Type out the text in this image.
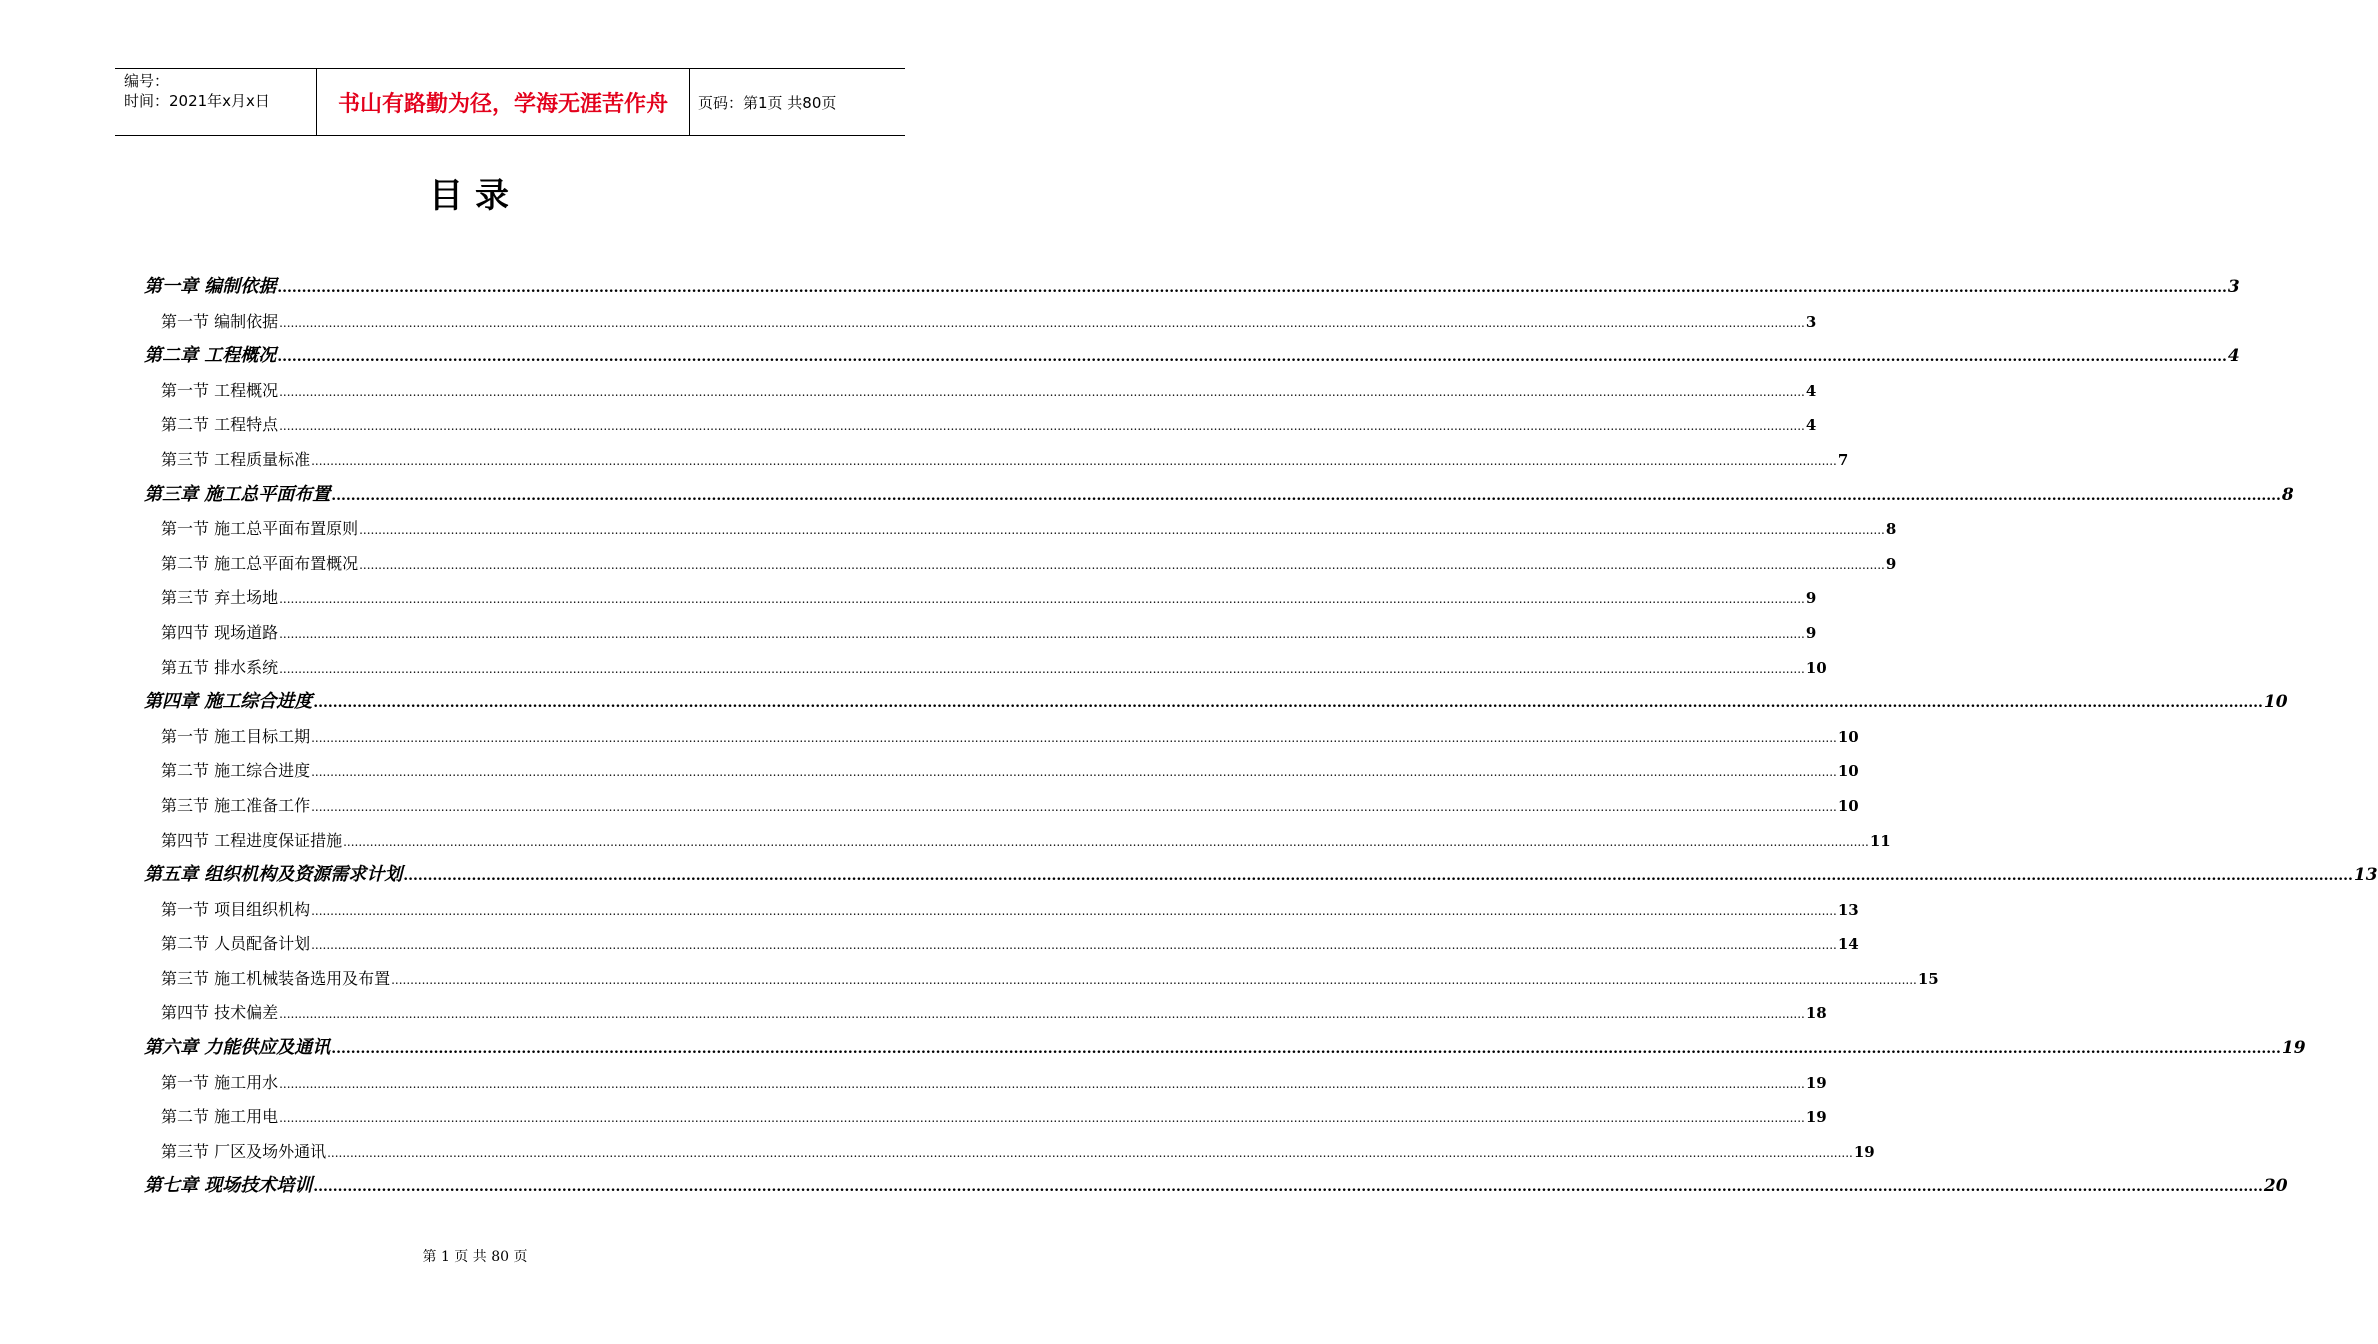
编号：
时间：2021年x月x日	书山有路勤为径，学海无涯苦作舟	页码：第1页 共80页
目录
第一章 编制依据 ................................................................................................................................................................................................................................................................................................................................................................................................................ 3
第一节 编制依据 ................................................................................................................................................................................................................................................................................................................................................................................................................ 3
第二章 工程概况 ................................................................................................................................................................................................................................................................................................................................................................................................................ 4
第一节 工程概况 ................................................................................................................................................................................................................................................................................................................................................................................................................ 4
第二节 工程特点 ................................................................................................................................................................................................................................................................................................................................................................................................................ 4
第三节 工程质量标准 ................................................................................................................................................................................................................................................................................................................................................................................................................ 7
第三章 施工总平面布置 ................................................................................................................................................................................................................................................................................................................................................................................................................ 8
第一节 施工总平面布置原则 ................................................................................................................................................................................................................................................................................................................................................................................................................ 8
第二节 施工总平面布置概况 ................................................................................................................................................................................................................................................................................................................................................................................................................ 9
第三节 弃土场地 ................................................................................................................................................................................................................................................................................................................................................................................................................ 9
第四节 现场道路 ................................................................................................................................................................................................................................................................................................................................................................................................................ 9
第五节 排水系统 ................................................................................................................................................................................................................................................................................................................................................................................................................ 10
第四章 施工综合进度 ................................................................................................................................................................................................................................................................................................................................................................................................................ 10
第一节 施工目标工期 ................................................................................................................................................................................................................................................................................................................................................................................................................ 10
第二节 施工综合进度 ................................................................................................................................................................................................................................................................................................................................................................................................................ 10
第三节 施工准备工作 ................................................................................................................................................................................................................................................................................................................................................................................................................ 10
第四节 工程进度保证措施 ................................................................................................................................................................................................................................................................................................................................................................................................................ 11
第五章 组织机构及资源需求计划 ................................................................................................................................................................................................................................................................................................................................................................................................................ 13
第一节 项目组织机构 ................................................................................................................................................................................................................................................................................................................................................................................................................ 13
第二节 人员配备计划 ................................................................................................................................................................................................................................................................................................................................................................................................................ 14
第三节 施工机械装备选用及布置 ................................................................................................................................................................................................................................................................................................................................................................................................................ 15
第四节 技术偏差 ................................................................................................................................................................................................................................................................................................................................................................................................................ 18
第六章 力能供应及通讯 ................................................................................................................................................................................................................................................................................................................................................................................................................ 19
第一节 施工用水 ................................................................................................................................................................................................................................................................................................................................................................................................................ 19
第二节 施工用电 ................................................................................................................................................................................................................................................................................................................................................................................................................ 19
第三节 厂区及场外通讯 ................................................................................................................................................................................................................................................................................................................................................................................................................ 19
第七章 现场技术培训 ................................................................................................................................................................................................................................................................................................................................................................................................................ 20
第 1 页 共 80 页
